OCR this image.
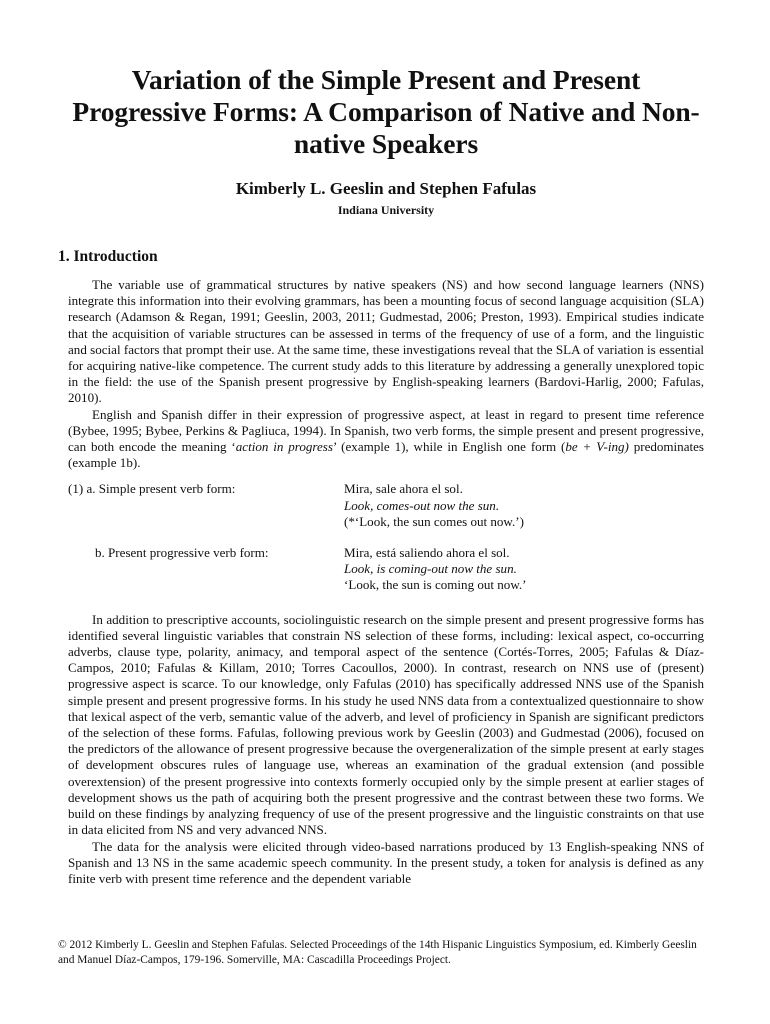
Variation of the Simple Present and Present Progressive Forms: A Comparison of Native and Non-native Speakers
Kimberly L. Geeslin and Stephen Fafulas
Indiana University
1. Introduction

The variable use of grammatical structures by native speakers (NS) and how second language learners (NNS) integrate this information into their evolving grammars, has been a mounting focus of second language acquisition (SLA) research (Adamson & Regan, 1991; Geeslin, 2003, 2011; Gudmestad, 2006; Preston, 1993). Empirical studies indicate that the acquisition of variable structures can be assessed in terms of the frequency of use of a form, and the linguistic and social factors that prompt their use. At the same time, these investigations reveal that the SLA of variation is essential for acquiring native-like competence. The current study adds to this literature by addressing a generally unexplored topic in the field: the use of the Spanish present progressive by English-speaking learners (Bardovi-Harlig, 2000; Fafulas, 2010).

English and Spanish differ in their expression of progressive aspect, at least in regard to present time reference (Bybee, 1995; Bybee, Perkins & Pagliuca, 1994). In Spanish, two verb forms, the simple present and present progressive, can both encode the meaning ‘action in progress’ (example 1), while in English one form (be + V-ing) predominates (example 1b).

(1) a. Simple present verb form:	Mira, sale ahora el sol.
Look, comes-out now the sun.
(*‘Look, the sun comes out now.’)
b. Present progressive verb form:	Mira, está saliendo ahora el sol.
Look, is coming-out now the sun.
‘Look, the sun is coming out now.’

In addition to prescriptive accounts, sociolinguistic research on the simple present and present progressive forms has identified several linguistic variables that constrain NS selection of these forms, including: lexical aspect, co-occurring adverbs, clause type, polarity, animacy, and temporal aspect of the sentence (Cortés-Torres, 2005; Fafulas & Díaz-Campos, 2010; Fafulas & Killam, 2010; Torres Cacoullos, 2000). In contrast, research on NNS use of (present) progressive aspect is scarce. To our knowledge, only Fafulas (2010) has specifically addressed NNS use of the Spanish simple present and present progressive forms. In his study he used NNS data from a contextualized questionnaire to show that lexical aspect of the verb, semantic value of the adverb, and level of proficiency in Spanish are significant predictors of the selection of these forms. Fafulas, following previous work by Geeslin (2003) and Gudmestad (2006), focused on the predictors of the allowance of present progressive because the overgeneralization of the simple present at early stages of development obscures rules of language use, whereas an examination of the gradual extension (and possible overextension) of the present progressive into contexts formerly occupied only by the simple present at earlier stages of development shows us the path of acquiring both the present progressive and the contrast between these two forms. We build on these findings by analyzing frequency of use of the present progressive and the linguistic constraints on that use in data elicited from NS and very advanced NNS.

The data for the analysis were elicited through video-based narrations produced by 13 English-speaking NNS of Spanish and 13 NS in the same academic speech community. In the present study, a token for analysis is defined as any finite verb with present time reference and the dependent variable

© 2012 Kimberly L. Geeslin and Stephen Fafulas. Selected Proceedings of the 14th Hispanic Linguistics Symposium, ed. Kimberly Geeslin and Manuel Díaz-Campos, 179-196. Somerville, MA: Cascadilla Proceedings Project.
